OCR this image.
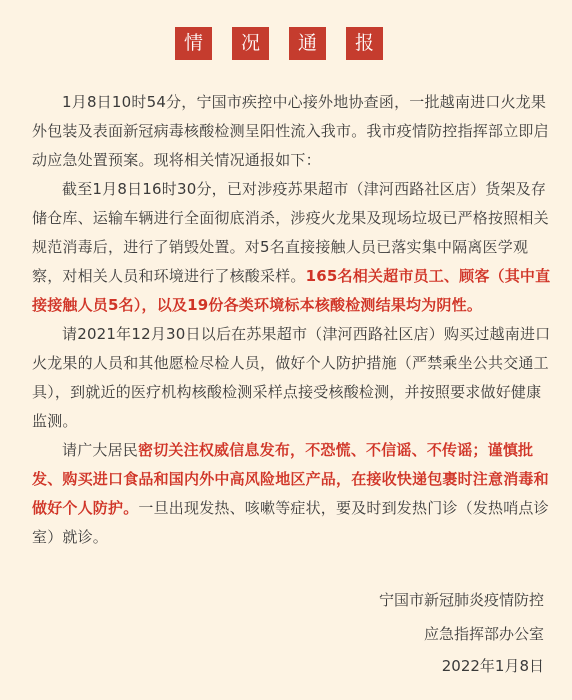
情	况	通	报

1月8日10时54分，宁国市疾控中心接外地协查函，一批越南进口火龙果外包装及表面新冠病毒核酸检测呈阳性流入我市。我市疫情防控指挥部立即启动应急处置预案。现将相关情况通报如下：

截至1月8日16时30分，已对涉疫苏果超市（津河西路社区店）货架及存储仓库、运输车辆进行全面彻底消杀，涉疫火龙果及现场垃圾已严格按照相关规范消毒后，进行了销毁处置。对5名直接接触人员已落实集中隔离医学观察，对相关人员和环境进行了核酸采样。165名相关超市员工、顾客（其中直接接触人员5名），以及19份各类环境标本核酸检测结果均为阴性。

请2021年12月30日以后在苏果超市（津河西路社区店）购买过越南进口火龙果的人员和其他愿检尽检人员，做好个人防护措施（严禁乘坐公共交通工具），到就近的医疗机构核酸检测采样点接受核酸检测，并按照要求做好健康监测。

请广大居民密切关注权威信息发布，不恐慌、不信谣、不传谣；谨慎批发、购买进口食品和国内外中高风险地区产品，在接收快递包裹时注意消毒和做好个人防护。一旦出现发热、咳嗽等症状，要及时到发热门诊（发热哨点诊室）就诊。

宁国市新冠肺炎疫情防控
应急指挥部办公室
2022年1月8日
